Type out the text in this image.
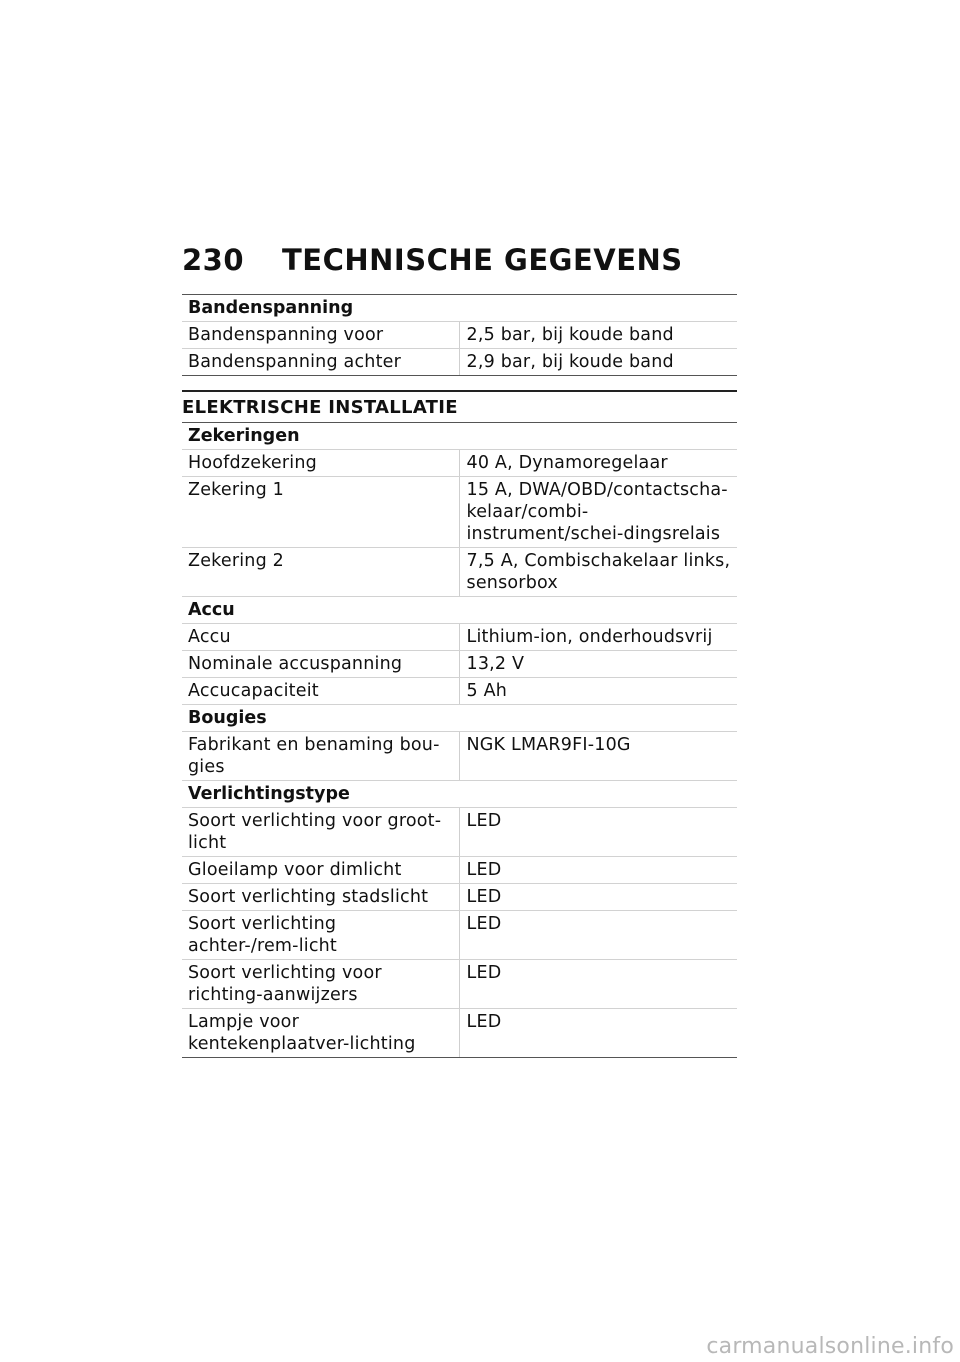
230	TECHNISCHE GEGEVENS
Bandenspanning	
Bandenspanning voor	2,5 bar, bij koude band
Bandenspanning achter	2,9 bar, bij koude band
ELEKTRISCHE INSTALLATIE
Zekeringen	
Hoofdzekering	40 A, Dynamoregelaar
Zekering 1	15 A, DWA/OBD/contactscha-kelaar/combi-instrument/schei-dingsrelais
Zekering 2	7,5 A, Combischakelaar links, sensorbox
Accu	
Accu	Lithium-ion, onderhoudsvrij
Nominale accuspanning	13,2 V
Accucapaciteit	5 Ah
Bougies	
Fabrikant en benaming bou-gies	NGK LMAR9FI-10G
Verlichtingstype	
Soort verlichting voor groot-licht	LED
Gloeilamp voor dimlicht	LED
Soort verlichting stadslicht	LED
Soort verlichting achter-/rem-licht	LED
Soort verlichting voor richting-aanwijzers	LED
Lampje voor kentekenplaatver-lichting	LED
carmanualsonline.info
